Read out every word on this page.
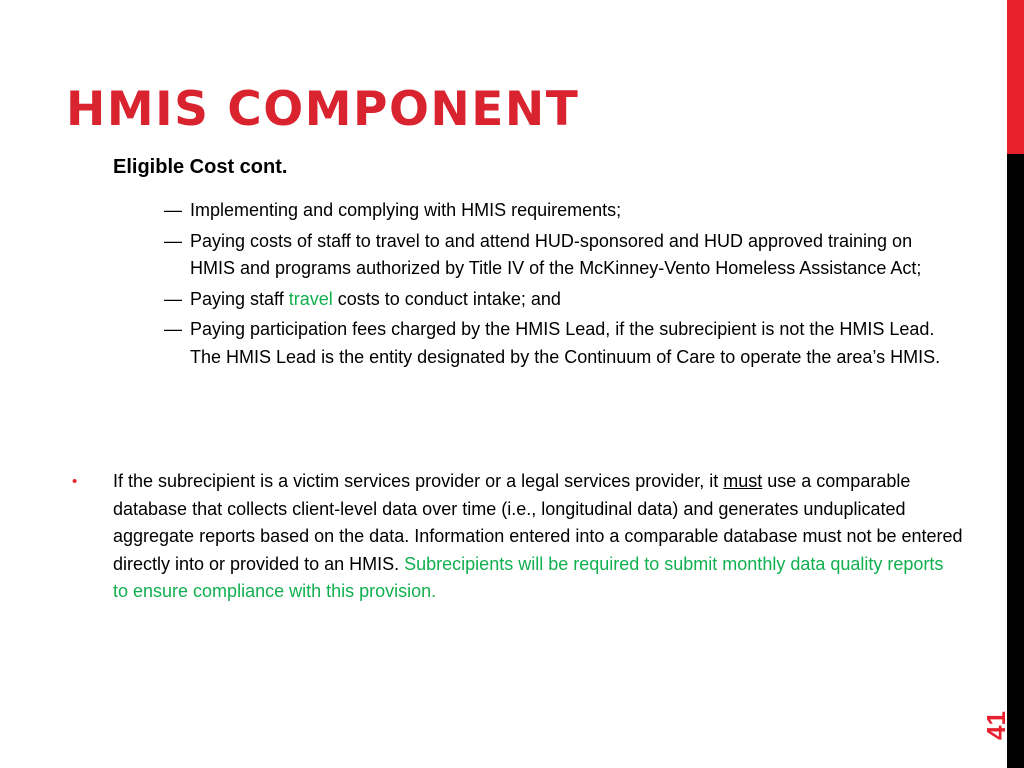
HMIS COMPONENT
Eligible Cost cont.
— Implementing and complying with HMIS requirements;
— Paying costs of staff to travel to and attend HUD-sponsored and HUD approved training on HMIS and programs authorized by Title IV of the McKinney-Vento Homeless Assistance Act;
— Paying staff travel costs to conduct intake; and
— Paying participation fees charged by the HMIS Lead, if the subrecipient is not the HMIS Lead. The HMIS Lead is the entity designated by the Continuum of Care to operate the area’s HMIS.
• If the subrecipient is a victim services provider or a legal services provider, it must use a comparable database that collects client-level data over time (i.e., longitudinal data) and generates unduplicated aggregate reports based on the data. Information entered into a comparable database must not be entered directly into or provided to an HMIS. Subrecipients will be required to submit monthly data quality reports to ensure compliance with this provision.
41
